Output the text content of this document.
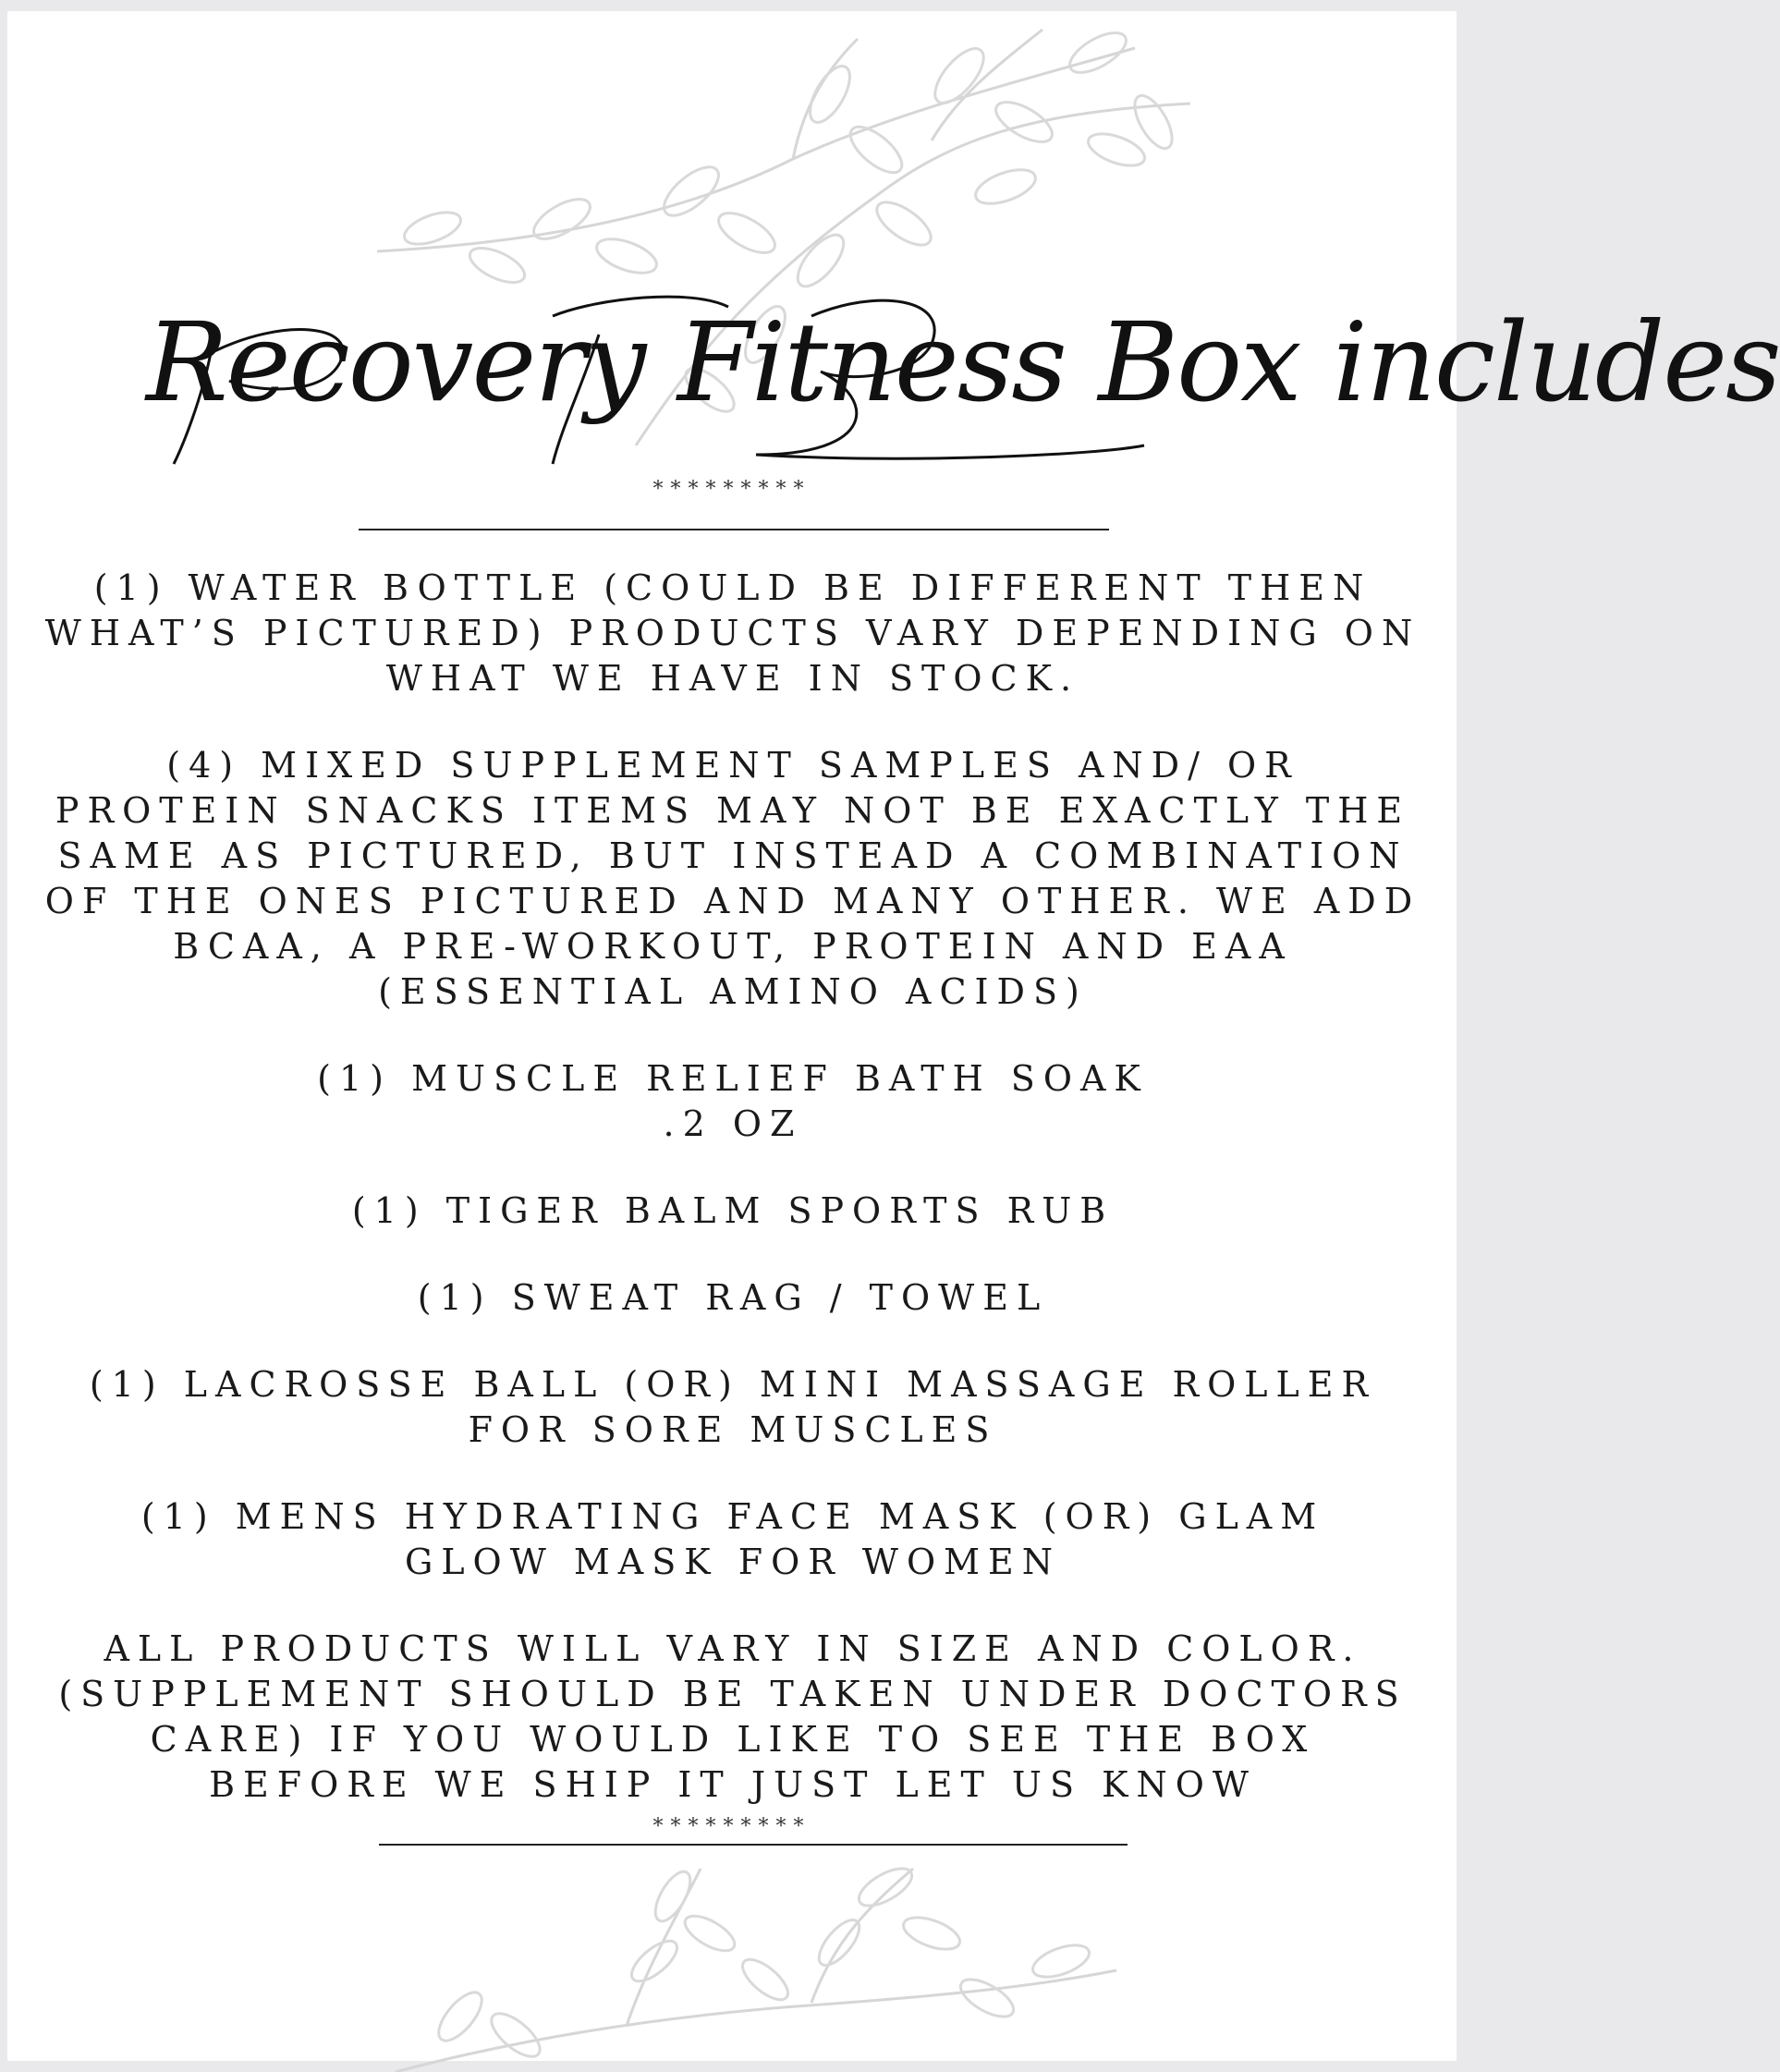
Recovery Fitness Box includes
*********

(1) WATER BOTTLE (COULD BE DIFFERENT THEN WHAT’S PICTURED) PRODUCTS VARY DEPENDING ON WHAT WE HAVE IN STOCK.

(4) MIXED SUPPLEMENT SAMPLES AND/ OR PROTEIN SNACKS ITEMS MAY NOT BE EXACTLY THE SAME AS PICTURED, BUT INSTEAD A COMBINATION OF THE ONES PICTURED AND MANY OTHER. WE ADD BCAA, A PRE-WORKOUT, PROTEIN AND EAA (ESSENTIAL AMINO ACIDS)

(1) MUSCLE RELIEF BATH SOAK .2 OZ

(1) TIGER BALM SPORTS RUB

(1) SWEAT RAG / TOWEL

(1) LACROSSE BALL (OR) MINI MASSAGE ROLLER FOR SORE MUSCLES

(1) MENS HYDRATING FACE MASK (OR) GLAM GLOW MASK FOR WOMEN

ALL PRODUCTS WILL VARY IN SIZE AND COLOR. (SUPPLEMENT SHOULD BE TAKEN UNDER DOCTORS CARE) IF YOU WOULD LIKE TO SEE THE BOX BEFORE WE SHIP IT JUST LET US KNOW

*********
